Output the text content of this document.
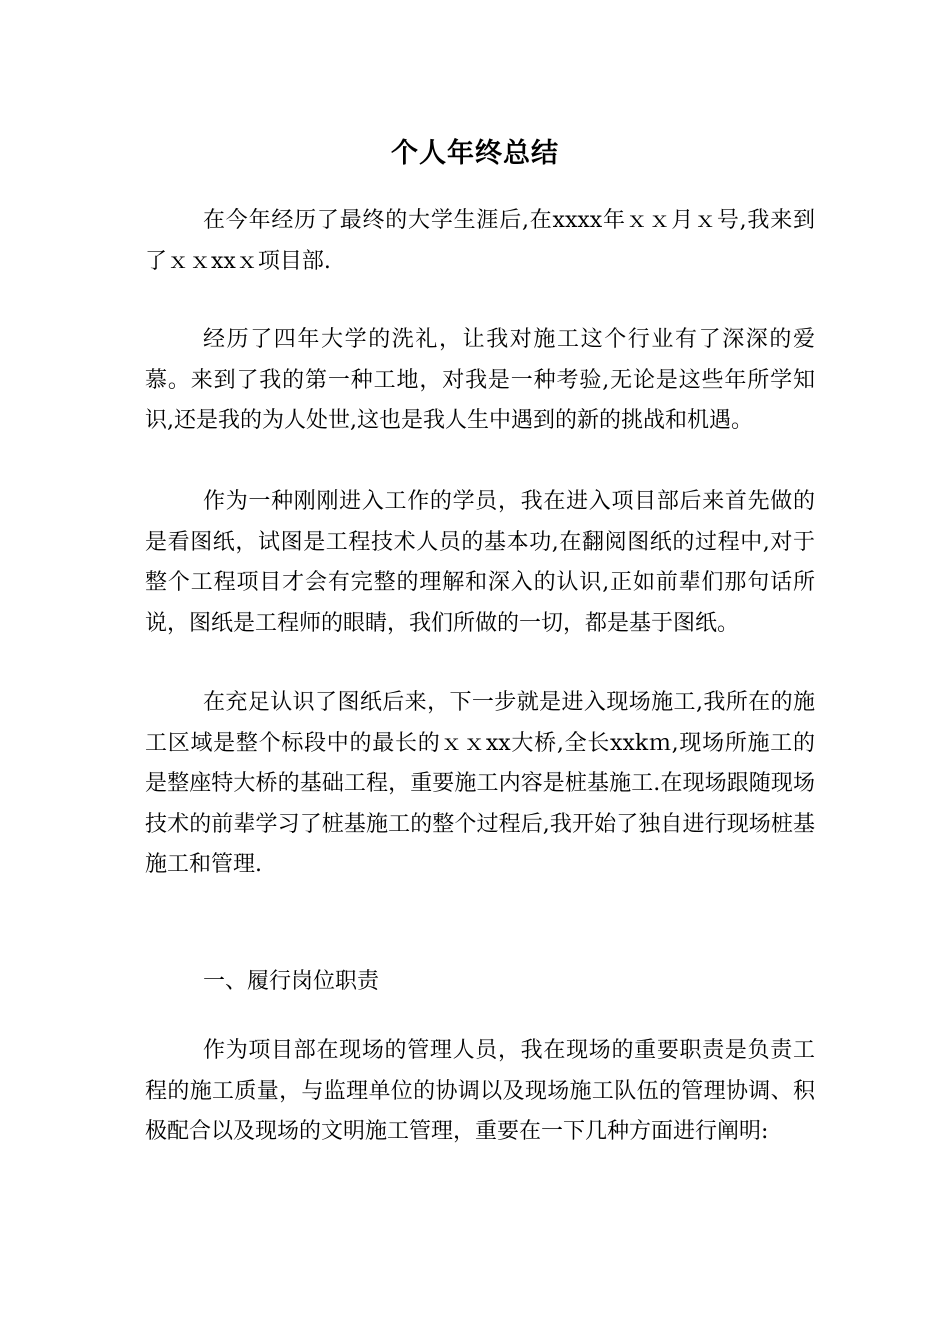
个人年终总结

在今年经历了最终的大学生涯后,在xxxx年ｘｘ月ｘ号,我来到了ｘｘxxｘ项目部.

经历了四年大学的洗礼，让我对施工这个行业有了深深的爱慕。来到了我的第一种工地，对我是一种考验,无论是这些年所学知识,还是我的为人处世,这也是我人生中遇到的新的挑战和机遇。

作为一种刚刚进入工作的学员，我在进入项目部后来首先做的是看图纸，试图是工程技术人员的基本功,在翻阅图纸的过程中,对于整个工程项目才会有完整的理解和深入的认识,正如前辈们那句话所说，图纸是工程师的眼睛，我们所做的一切，都是基于图纸。

在充足认识了图纸后来，下一步就是进入现场施工,我所在的施工区域是整个标段中的最长的ｘｘxx大桥,全长xxkｍ,现场所施工的是整座特大桥的基础工程，重要施工内容是桩基施工.在现场跟随现场技术的前辈学习了桩基施工的整个过程后,我开始了独自进行现场桩基施工和管理.

一、履行岗位职责

作为项目部在现场的管理人员，我在现场的重要职责是负责工程的施工质量，与监理单位的协调以及现场施工队伍的管理协调、积极配合以及现场的文明施工管理，重要在一下几种方面进行阐明:
